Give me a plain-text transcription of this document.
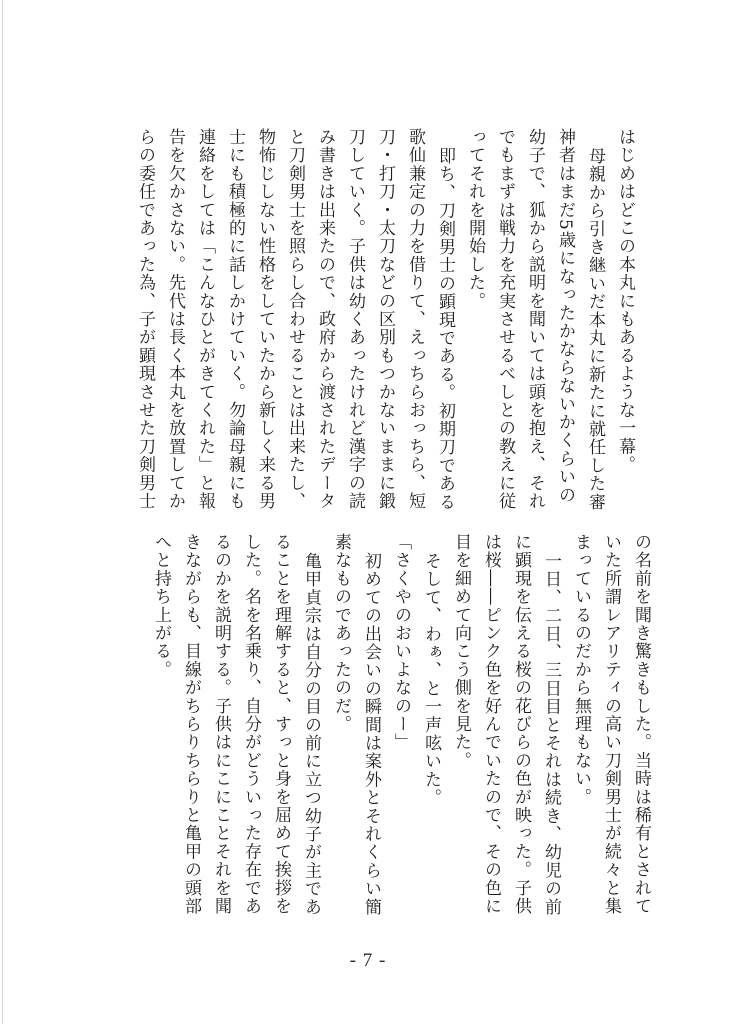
はじめはどこの本丸にもあるような一幕。

母親から引き継いだ本丸に新たに就任した審

神者はまだ5歳になったかならないかくらいの

幼子で、狐から説明を聞いては頭を抱え、それ

でもまずは戦力を充実させるべしとの教えに従

ってそれを開始した。

即ち、刀剣男士の顕現である。初期刀である

歌仙兼定の力を借りて、えっちらおっちら、短

刀・打刀・太刀などの区別もつかないままに鍛

刀していく。子供は幼くあったけれど漢字の読

み書きは出来たので、政府から渡されたデータ

と刀剣男士を照らし合わせることは出来たし、

物怖じしない性格をしていたから新しく来る男

士にも積極的に話しかけていく。勿論母親にも

連絡をしては「こんなひとがきてくれた」と報

告を欠かさない。先代は長く本丸を放置してか

らの委任であった為、子が顕現させた刀剣男士

の名前を聞き驚きもした。当時は稀有とされて

いた所謂レアリティの高い刀剣男士が続々と集

まっているのだから無理もない。

一日、二日、三日目とそれは続き、幼児の前

に顕現を伝える桜の花びらの色が映った。子供

は桜――ピンク色を好んでいたので、その色に

目を細めて向こう側を見た。

そして、わぁ、と一声呟いた。

「さくやのおいよなのー」

初めての出会いの瞬間は案外とそれくらい簡

素なものであったのだ。

亀甲貞宗は自分の目の前に立つ幼子が主であ

ることを理解すると、すっと身を屈めて挨拶を

した。名を名乗り、自分がどういった存在であ

るのかを説明する。子供はにこにことそれを聞

きながらも、目線がちらりちらりと亀甲の頭部

へと持ち上がる。

- 7 -
